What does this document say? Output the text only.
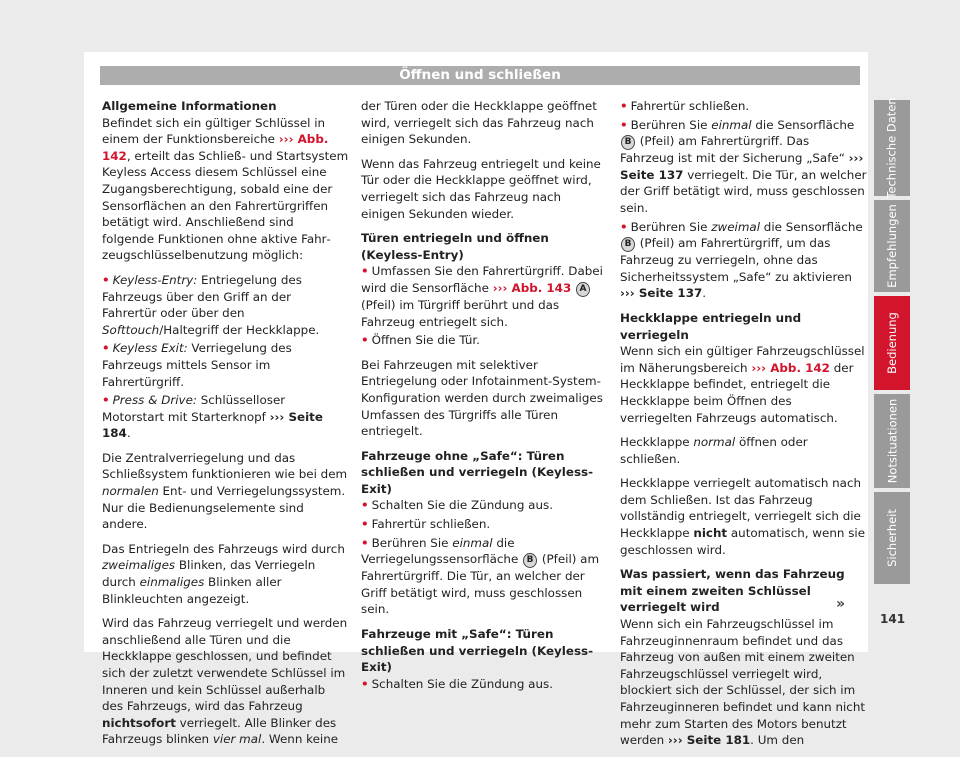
Öffnen und schließen

Allgemeine Informationen

Befindet sich ein gültiger Schlüssel in einem der Funktionsbereiche ››› Abb. 142, erteilt das Schließ- und Startsystem Keyless Access diesem Schlüssel eine Zugangsberechtigung, sobald eine der Sensorflächen an den Fahrertürgriffen betätigt wird. Anschließend sind folgende Funktionen ohne aktive Fahrzeugschlüsselbenutzung möglich:

• Keyless-Entry: Entriegelung des Fahrzeugs über den Griff an der Fahrertür oder über den Softtouch/Haltegriff der Heckklappe.

• Keyless Exit: Verriegelung des Fahrzeugs mittels Sensor im Fahrertürgriff.

• Press & Drive: Schlüsselloser Motorstart mit Starterknopf ››› Seite 184.

Die Zentralverriegelung und das Schließsystem funktionieren wie bei dem normalen Ent- und Verriegelungssystem. Nur die Bedienungselemente sind andere.

Das Entriegeln des Fahrzeugs wird durch zweimaliges Blinken, das Verriegeln durch einmaliges Blinken aller Blinkleuchten angezeigt.

Wird das Fahrzeug verriegelt und werden anschließend alle Türen und die Heckklappe geschlossen, und befindet sich der zuletzt verwendete Schlüssel im Inneren und kein Schlüssel außerhalb des Fahrzeugs, wird das Fahrzeug nichtsofort verriegelt. Alle Blinker des Fahrzeugs blinken vier mal. Wenn keine

der Türen oder die Heckklappe geöffnet wird, verriegelt sich das Fahrzeug nach einigen Sekunden.

Wenn das Fahrzeug entriegelt und keine Tür oder die Heckklappe geöffnet wird, verriegelt sich das Fahrzeug nach einigen Sekunden wieder.

Türen entriegeln und öffnen (Keyless-Entry)

• Umfassen Sie den Fahrertürgriff. Dabei wird die Sensorfläche ››› Abb. 143 A (Pfeil) im Türgriff berührt und das Fahrzeug entriegelt sich.

• Öffnen Sie die Tür.

Bei Fahrzeugen mit selektiver Entriegelung oder Infotainment-System-Konfiguration werden durch zweimaliges Umfassen des Türgriffs alle Türen entriegelt.

Fahrzeuge ohne „Safe“: Türen schließen und verriegeln (Keyless-Exit)

• Schalten Sie die Zündung aus.

• Fahrertür schließen.

• Berühren Sie einmal die Verriegelungssensorfläche B (Pfeil) am Fahrertürgriff. Die Tür, an welcher der Griff betätigt wird, muss geschlossen sein.

Fahrzeuge mit „Safe“: Türen schließen und verriegeln (Keyless-Exit)

• Schalten Sie die Zündung aus.

• Fahrertür schließen.

• Berühren Sie einmal die Sensorfläche B (Pfeil) am Fahrertürgriff. Das Fahrzeug ist mit der Sicherung „Safe“ ››› Seite 137 verriegelt. Die Tür, an welcher der Griff betätigt wird, muss geschlossen sein.

• Berühren Sie zweimal die Sensorfläche B (Pfeil) am Fahrertürgriff, um das Fahrzeug zu verriegeln, ohne das Sicherheitssystem „Safe“ zu aktivieren ››› Seite 137.

Heckklappe entriegeln und verriegeln

Wenn sich ein gültiger Fahrzeugschlüssel im Näherungsbereich ››› Abb. 142 der Heckklappe befindet, entriegelt die Heckklappe beim Öffnen des verriegelten Fahrzeugs automatisch.

Heckklappe normal öffnen oder schließen.

Heckklappe verriegelt automatisch nach dem Schließen. Ist das Fahrzeug vollständig entriegelt, verriegelt sich die Heckklappe nicht automatisch, wenn sie geschlossen wird.

Was passiert, wenn das Fahrzeug mit einem zweiten Schlüssel verriegelt wird

Wenn sich ein Fahrzeugschlüssel im Fahrzeuginnenraum befindet und das Fahrzeug von außen mit einem zweiten Fahrzeugschlüssel verriegelt wird, blockiert sich der Schlüssel, der sich im Fahrzeuginneren befindet und kann nicht mehr zum Starten des Motors benutzt werden ››› Seite 181. Um den

Technische Daten
Empfehlungen
Bedienung
Notsituationen
Sicherheit
»
141
